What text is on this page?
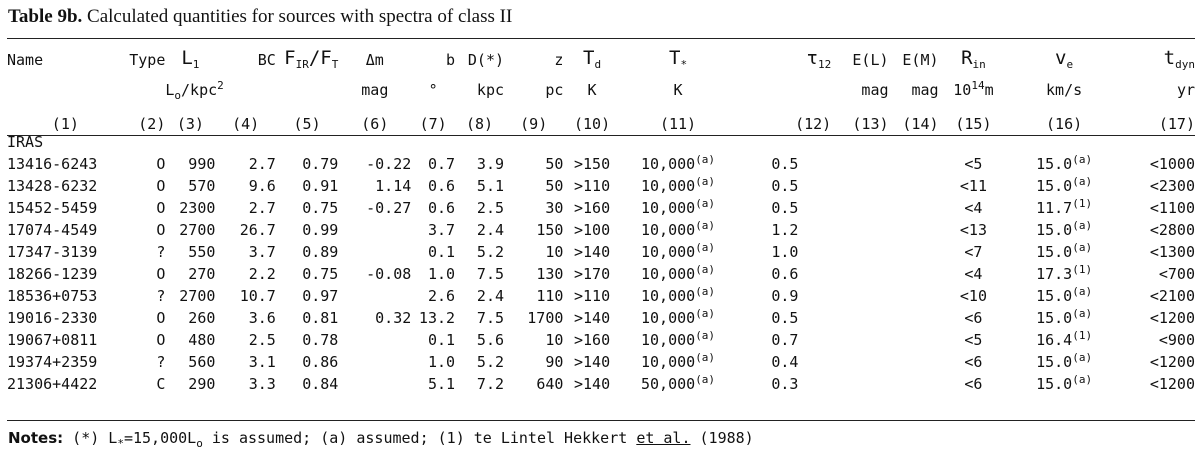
Table 9b. Calculated quantities for sources with spectra of class II
Name	Type	$L_1$	BC	$F_{IR}/F_T$	Δm	b	D(*)	z	$T_d$	$T_*$	$\tau_{12}$	E(L)	E(M)	$R_{in}$	$v_e$	$t_{dyn}$
		$L_o/kpc^2$			mag	°	kpc	pc	K	K		mag	mag	$10^{14}m$	km/s	yr
(1)	(2)	(3)	(4)	(5)	(6)	(7)	(8)	(9)	(10)	(11)	(12)	(13)	(14)	(15)	(16)	(17)
IRAS																
13416-6243	O	990	2.7	0.79	-0.22	0.7	3.9	50	>150	10,000$^{(a)}$	0.5			<5	$15.0^{(a)}$	<1000
13428-6232	O	570	9.6	0.91	1.14	0.6	5.1	50	>110	10,000$^{(a)}$	0.5			<11	$15.0^{(a)}$	<2300
15452-5459	O	2300	2.7	0.75	-0.27	0.6	2.5	30	>160	10,000$^{(a)}$	0.5			<4	$11.7^{(1)}$	<1100
17074-4549	O	2700	26.7	0.99		3.7	2.4	150	>100	10,000$^{(a)}$	1.2			<13	$15.0^{(a)}$	<2800
17347-3139	?	550	3.7	0.89		0.1	5.2	10	>140	10,000$^{(a)}$	1.0			<7	$15.0^{(a)}$	<1300
18266-1239	O	270	2.2	0.75	-0.08	1.0	7.5	130	>170	10,000$^{(a)}$	0.6			<4	$17.3^{(1)}$	<700
18536+0753	?	2700	10.7	0.97		2.6	2.4	110	>110	10,000$^{(a)}$	0.9			<10	$15.0^{(a)}$	<2100
19016-2330	O	260	3.6	0.81	0.32	13.2	7.5	1700	>140	10,000$^{(a)}$	0.5			<6	$15.0^{(a)}$	<1200
19067+0811	O	480	2.5	0.78		0.1	5.6	10	>160	10,000$^{(a)}$	0.7			<5	$16.4^{(1)}$	<900
19374+2359	?	560	3.1	0.86		1.0	5.2	90	>140	10,000$^{(a)}$	0.4			<6	$15.0^{(a)}$	<1200
21306+4422	C	290	3.3	0.84		5.1	7.2	640	>140	50,000$^{(a)}$	0.3			<6	$15.0^{(a)}$	<1200
Notes: (*) $L_*=15,000L_o$ is assumed; (a) assumed; (1) te Lintel Hekkert et al. (1988)
